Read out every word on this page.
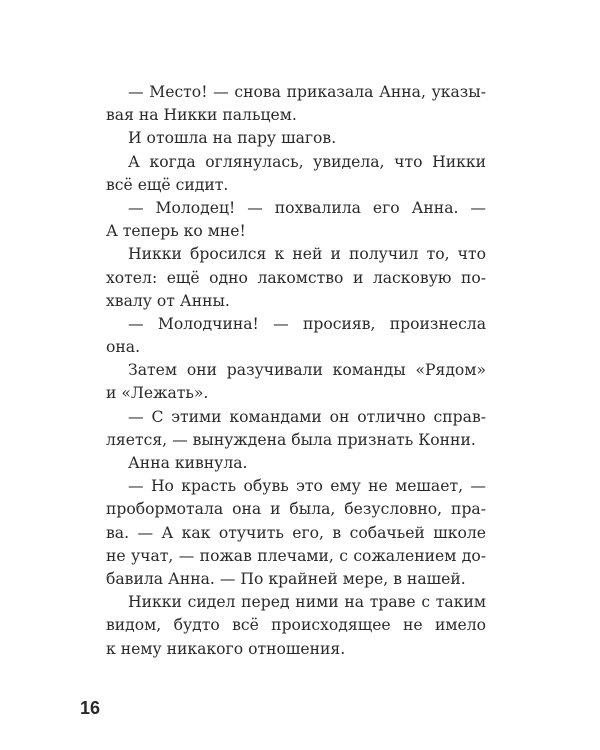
— Место! — снова приказала Анна, указы-
вая на Никки пальцем.
И отошла на пару шагов.
А когда оглянулась, увидела, что Никки
всё ещё сидит.
— Молодец! — похвалила его Анна. —
А теперь ко мне!
Никки бросился к ней и получил то, что
хотел: ещё одно лакомство и ласковую по-
хвалу от Анны.
— Молодчина! — просияв, произнесла
она.
Затем они разучивали команды «Рядом»
и «Лежать».
— С этими командами он отлично справ-
ляется, — вынуждена была признать Конни.
Анна кивнула.
— Но красть обувь это ему не мешает, —
пробормотала она и была, безусловно, пра-
ва. — А как отучить его, в собачьей школе
не учат, — пожав плечами, с сожалением до-
бавила Анна. — По крайней мере, в нашей.
Никки сидел перед ними на траве с таким
видом, будто всё происходящее не имело
к нему никакого отношения.
16
